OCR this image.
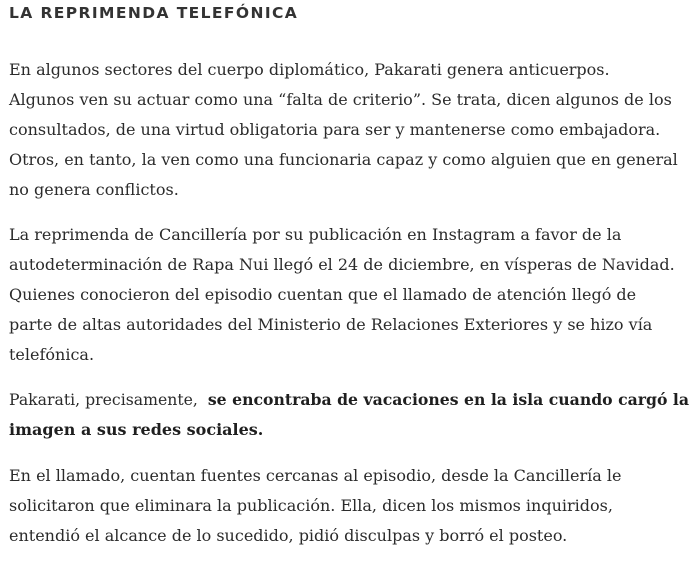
LA REPRIMENDA TELEFÓNICA
En algunos sectores del cuerpo diplomático, Pakarati genera anticuerpos.
Algunos ven su actuar como una “falta de criterio”. Se trata, dicen algunos de los
consultados, de una virtud obligatoria para ser y mantenerse como embajadora.
Otros, en tanto, la ven como una funcionaria capaz y como alguien que en general
no genera conflictos.
La reprimenda de Cancillería por su publicación en Instagram a favor de la
autodeterminación de Rapa Nui llegó el 24 de diciembre, en vísperas de Navidad.
Quienes conocieron del episodio cuentan que el llamado de atención llegó de
parte de altas autoridades del Ministerio de Relaciones Exteriores y se hizo vía
telefónica.
Pakarati, precisamente, se encontraba de vacaciones en la isla cuando cargó la
imagen a sus redes sociales.
En el llamado, cuentan fuentes cercanas al episodio, desde la Cancillería le
solicitaron que eliminara la publicación. Ella, dicen los mismos inquiridos,
entendió el alcance de lo sucedido, pidió disculpas y borró el posteo.
